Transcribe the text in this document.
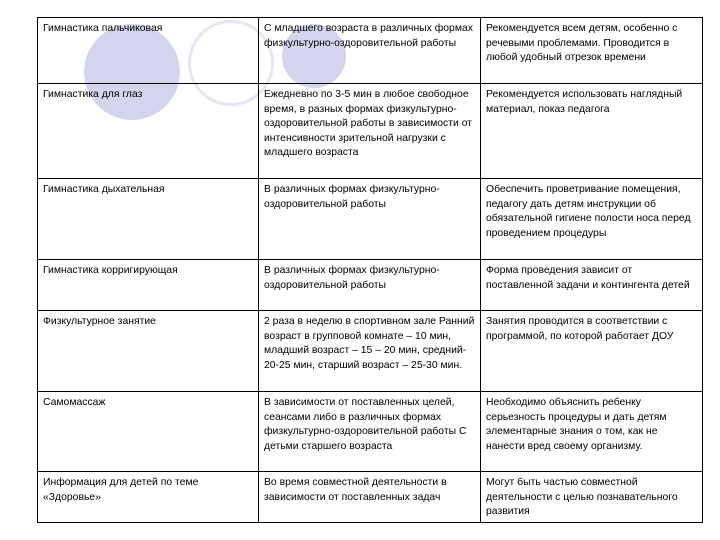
Гимнастика пальчиковая	С младшего возраста в различных формах физкультурно-оздоровительной работы	Рекомендуется всем детям, особенно с речевыми проблемами. Проводится в любой удобный отрезок времени
Гимнастика для глаз	Ежедневно по 3-5 мин в любое свободное время, в разных формах физкультурно-оздоровительной работы в зависимости от интенсивности зрительной нагрузки с младшего возраста	Рекомендуется использовать наглядный материал, показ педагога
Гимнастика дыхательная	В различных формах физкультурно-оздоровительной работы	Обеспечить проветривание помещения, педагогу дать детям инструкции об обязательной гигиене полости носа перед проведением процедуры
Гимнастика корригирующая	В различных формах физкультурно-оздоровительной работы	Форма проведения зависит от поставленной задачи и контингента детей
Физкультурное занятие	2 раза в неделю в спортивном зале Ранний возраст в групповой комнате – 10 мин, младший возраст – 15 – 20 мин, средний- 20-25 мин, старший возраст – 25-30 мин.	Занятия проводится в соответствии с программой, по которой работает ДОУ
Самомассаж	В зависимости от поставленных целей, сеансами либо в различных формах физкультурно-оздоровительной работы С детьми старшего возраста	Необходимо объяснить ребенку серьезность процедуры и дать детям элементарные знания о том, как не нанести вред своему организму.
Информация для детей по теме «Здоровье»	Во время совместной деятельности в зависимости от поставленных задач	Могут быть частью совместной деятельности с целью познавательного развития
